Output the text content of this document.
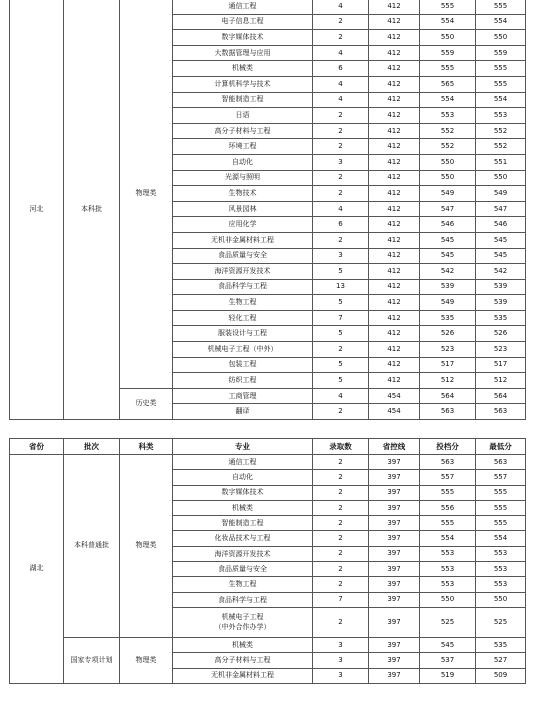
河北	本科批	物理类	通信工程	4	412	555	555
			电子信息工程	2	412	554	554
			数字媒体技术	2	412	550	550
			大数据管理与应用	4	412	559	559
			机械类	6	412	555	555
			计算机科学与技术	4	412	565	555
			智能制造工程	4	412	554	554
			日语	2	412	553	553
			高分子材料与工程	2	412	552	552
			环境工程	2	412	552	552
			自动化	3	412	550	551
			光源与照明	2	412	550	550
			生物技术	2	412	549	549
			风景园林	4	412	547	547
			应用化学	6	412	546	546
			无机非金属材料工程	2	412	545	545
			食品质量与安全	3	412	545	545
			海洋资源开发技术	5	412	542	542
			食品科学与工程	13	412	539	539
			生物工程	5	412	549	539
			轻化工程	7	412	535	535
			服装设计与工程	5	412	526	526
			机械电子工程（中外）	2	412	523	523
			包装工程	5	412	517	517
			纺织工程	5	412	512	512
		历史类	工商管理	4	454	564	564
			翻译	2	454	563	563
省份	批次	科类	专业	录取数	省控线	投档分	最低分
湖北	本科普通批	物理类	通信工程	2	397	563	563
			自动化	2	397	557	557
			数字媒体技术	2	397	555	555
			机械类	2	397	556	555
			智能制造工程	2	397	555	555
			化妆品技术与工程	2	397	554	554
			海洋资源开发技术	2	397	553	553
			食品质量与安全	2	397	553	553
			生物工程	2	397	553	553
			食品科学与工程	7	397	550	550
			机械电子工程
（中外合作办学）	2	397	525	525
	国家专项计划	物理类	机械类	3	397	545	535
			高分子材料与工程	3	397	537	527
			无机非金属材料工程	3	397	519	509
